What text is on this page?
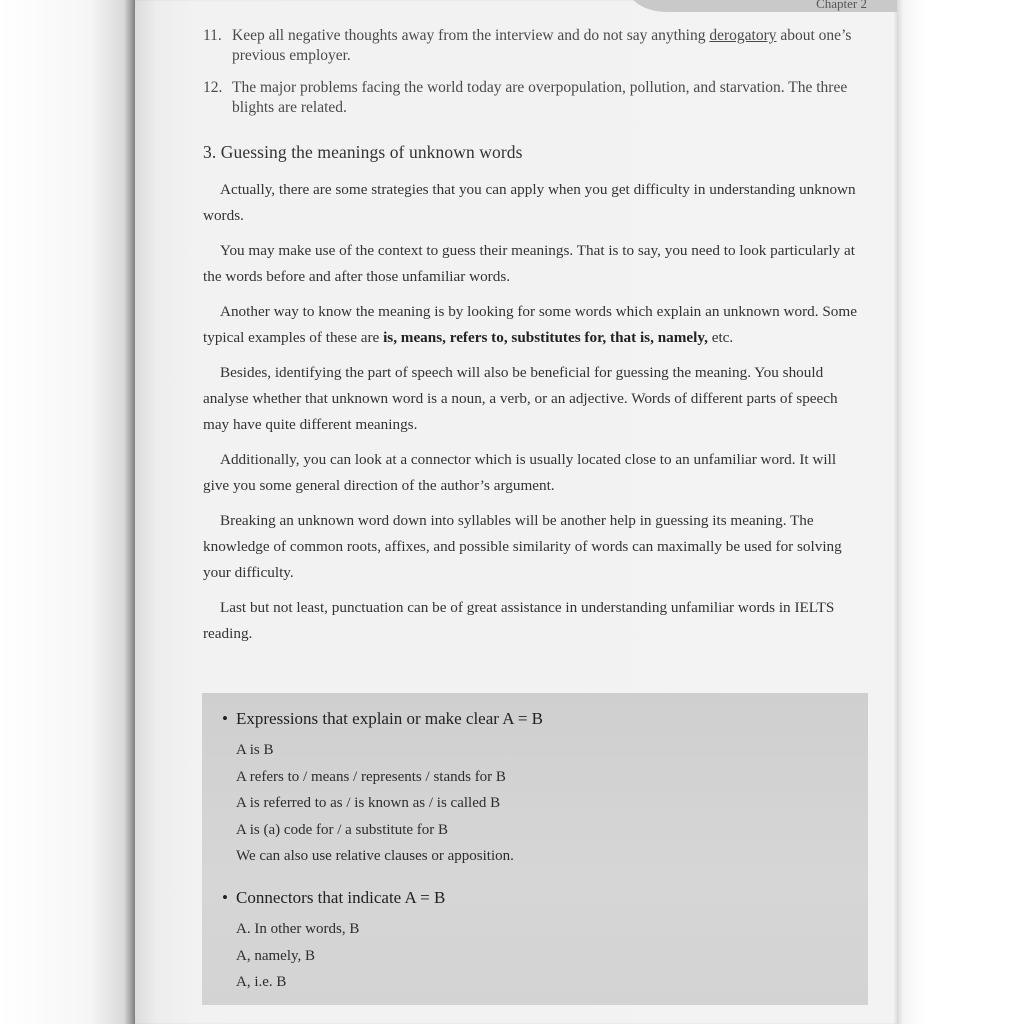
Chapter 2
11. Keep all negative thoughts away from the interview and do not say anything derogatory about one’s previous employer.
12. The major problems facing the world today are overpopulation, pollution, and starvation. The three blights are related.
3. Guessing the meanings of unknown words

Actually, there are some strategies that you can apply when you get difficulty in understanding unknown words.

You may make use of the context to guess their meanings. That is to say, you need to look particularly at the words before and after those unfamiliar words.

Another way to know the meaning is by looking for some words which explain an unknown word. Some typical examples of these are is, means, refers to, substitutes for, that is, namely, etc.

Besides, identifying the part of speech will also be beneficial for guessing the meaning. You should analyse whether that unknown word is a noun, a verb, or an adjective. Words of different parts of speech may have quite different meanings.

Additionally, you can look at a connector which is usually located close to an unfamiliar word. It will give you some general direction of the author’s argument.

Breaking an unknown word down into syllables will be another help in guessing its meaning. The knowledge of common roots, affixes, and possible similarity of words can maximally be used for solving your difficulty.

Last but not least, punctuation can be of great assistance in understanding unfamiliar words in IELTS reading.

• Expressions that explain or make clear A = B
A is B
A refers to / means / represents / stands for B
A is referred to as / is known as / is called B
A is (a) code for / a substitute for B
We can also use relative clauses or apposition.
• Connectors that indicate A = B
A. In other words, B
A, namely, B
A, i.e. B
